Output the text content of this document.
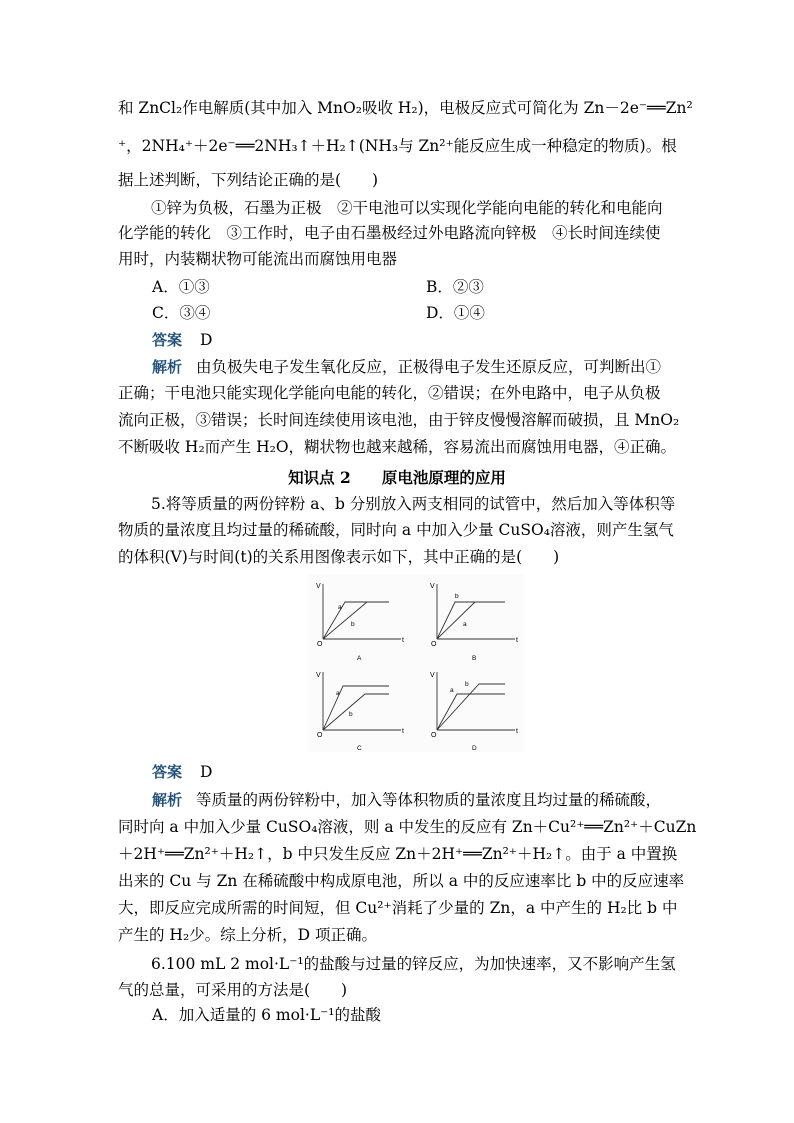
和 ZnCl₂作电解质(其中加入 MnO₂吸收 H₂)，电极反应式可简化为 Zn－2e⁻══Zn²
⁺，2NH₄⁺＋2e⁻══2NH₃↑＋H₂↑(NH₃与 Zn²⁺能反应生成一种稳定的物质)。根
据上述判断，下列结论正确的是(　　)
①锌为负极，石墨为正极　②干电池可以实现化学能向电能的转化和电能向
化学能的转化　③工作时，电子由石墨极经过外电路流向锌极　④长时间连续使
用时，内装糊状物可能流出而腐蚀用电器
A．①③	B．②③
C．③④	D．①④
答案 D
解析 由负极失电子发生氧化反应，正极得电子发生还原反应，可判断出①
正确；干电池只能实现化学能向电能的转化，②错误；在外电路中，电子从负极
流向正极，③错误；长时间连续使用该电池，由于锌皮慢慢溶解而破损，且 MnO₂
不断吸收 H₂而产生 H₂O，糊状物也越来越稀，容易流出而腐蚀用电器，④正确。
知识点 2　　原电池原理的应用
5.将等质量的两份锌粉 a、b 分别放入两支相同的试管中，然后加入等体积等
物质的量浓度且均过量的稀硫酸，同时向 a 中加入少量 CuSO₄溶液，则产生氢气
的体积(V)与时间(t)的关系用图像表示如下，其中正确的是(　　)
V
t
O
a
b
A
V
t
O
b
a
B
V
t
O
a
b
C
V
t
O
a
b
D
答案 D
解析 等质量的两份锌粉中，加入等体积物质的量浓度且均过量的稀硫酸，
同时向 a 中加入少量 CuSO₄溶液，则 a 中发生的反应有 Zn＋Cu²⁺══Zn²⁺＋CuZn
＋2H⁺══Zn²⁺＋H₂↑，b 中只发生反应 Zn＋2H⁺══Zn²⁺＋H₂↑。由于 a 中置换
出来的 Cu 与 Zn 在稀硫酸中构成原电池，所以 a 中的反应速率比 b 中的反应速率
大，即反应完成所需的时间短，但 Cu²⁺消耗了少量的 Zn，a 中产生的 H₂比 b 中
产生的 H₂少。综上分析，D 项正确。
6.100 mL 2 mol·L⁻¹的盐酸与过量的锌反应，为加快速率，又不影响产生氢
气的总量，可采用的方法是(　　)
A．加入适量的 6 mol·L⁻¹的盐酸
